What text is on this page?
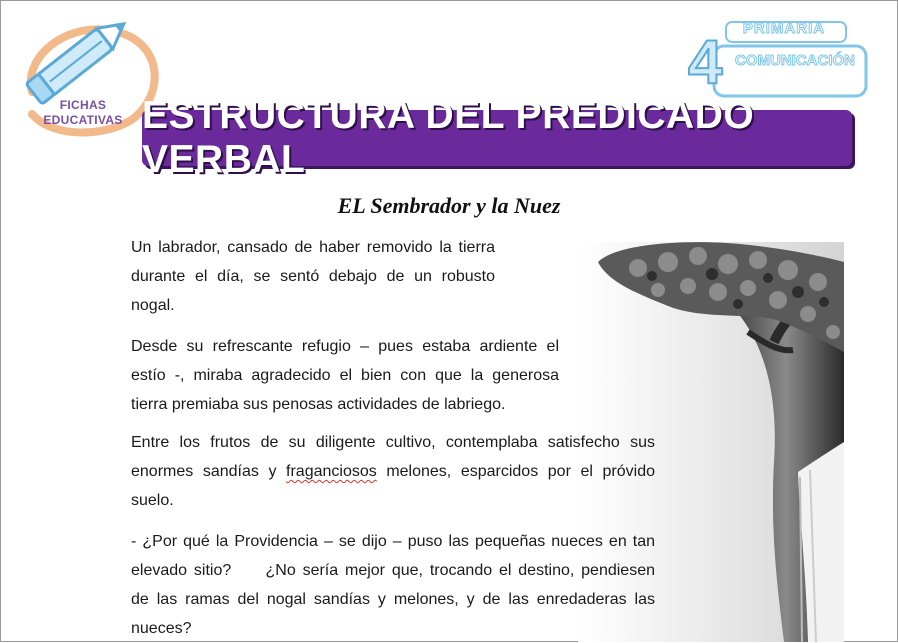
FICHAS
EDUCATIVAS
PRIMARIA
4 COMUNICACIÓN
ESTRUCTURA DEL PREDICADO VERBAL
EL Sembrador y la Nuez
Un labrador, cansado de haber removido la tierra
durante el día, se sentó debajo de un robusto
nogal.
Desde su refrescante refugio – pues estaba ardiente el
estío -, miraba agradecido el bien con que la generosa
tierra premiaba sus penosas actividades de labriego.
Entre los frutos de su diligente cultivo, contemplaba satisfecho sus
enormes sandías y fraganciosos melones, esparcidos por el próvido
suelo.
- ¿Por qué la Providencia – se dijo – puso las pequeñas nueces en tan
elevado sitio?     ¿No sería mejor que, trocando el destino, pendiesen
de las ramas del nogal sandías y melones, y de las enredaderas las
nueces?
